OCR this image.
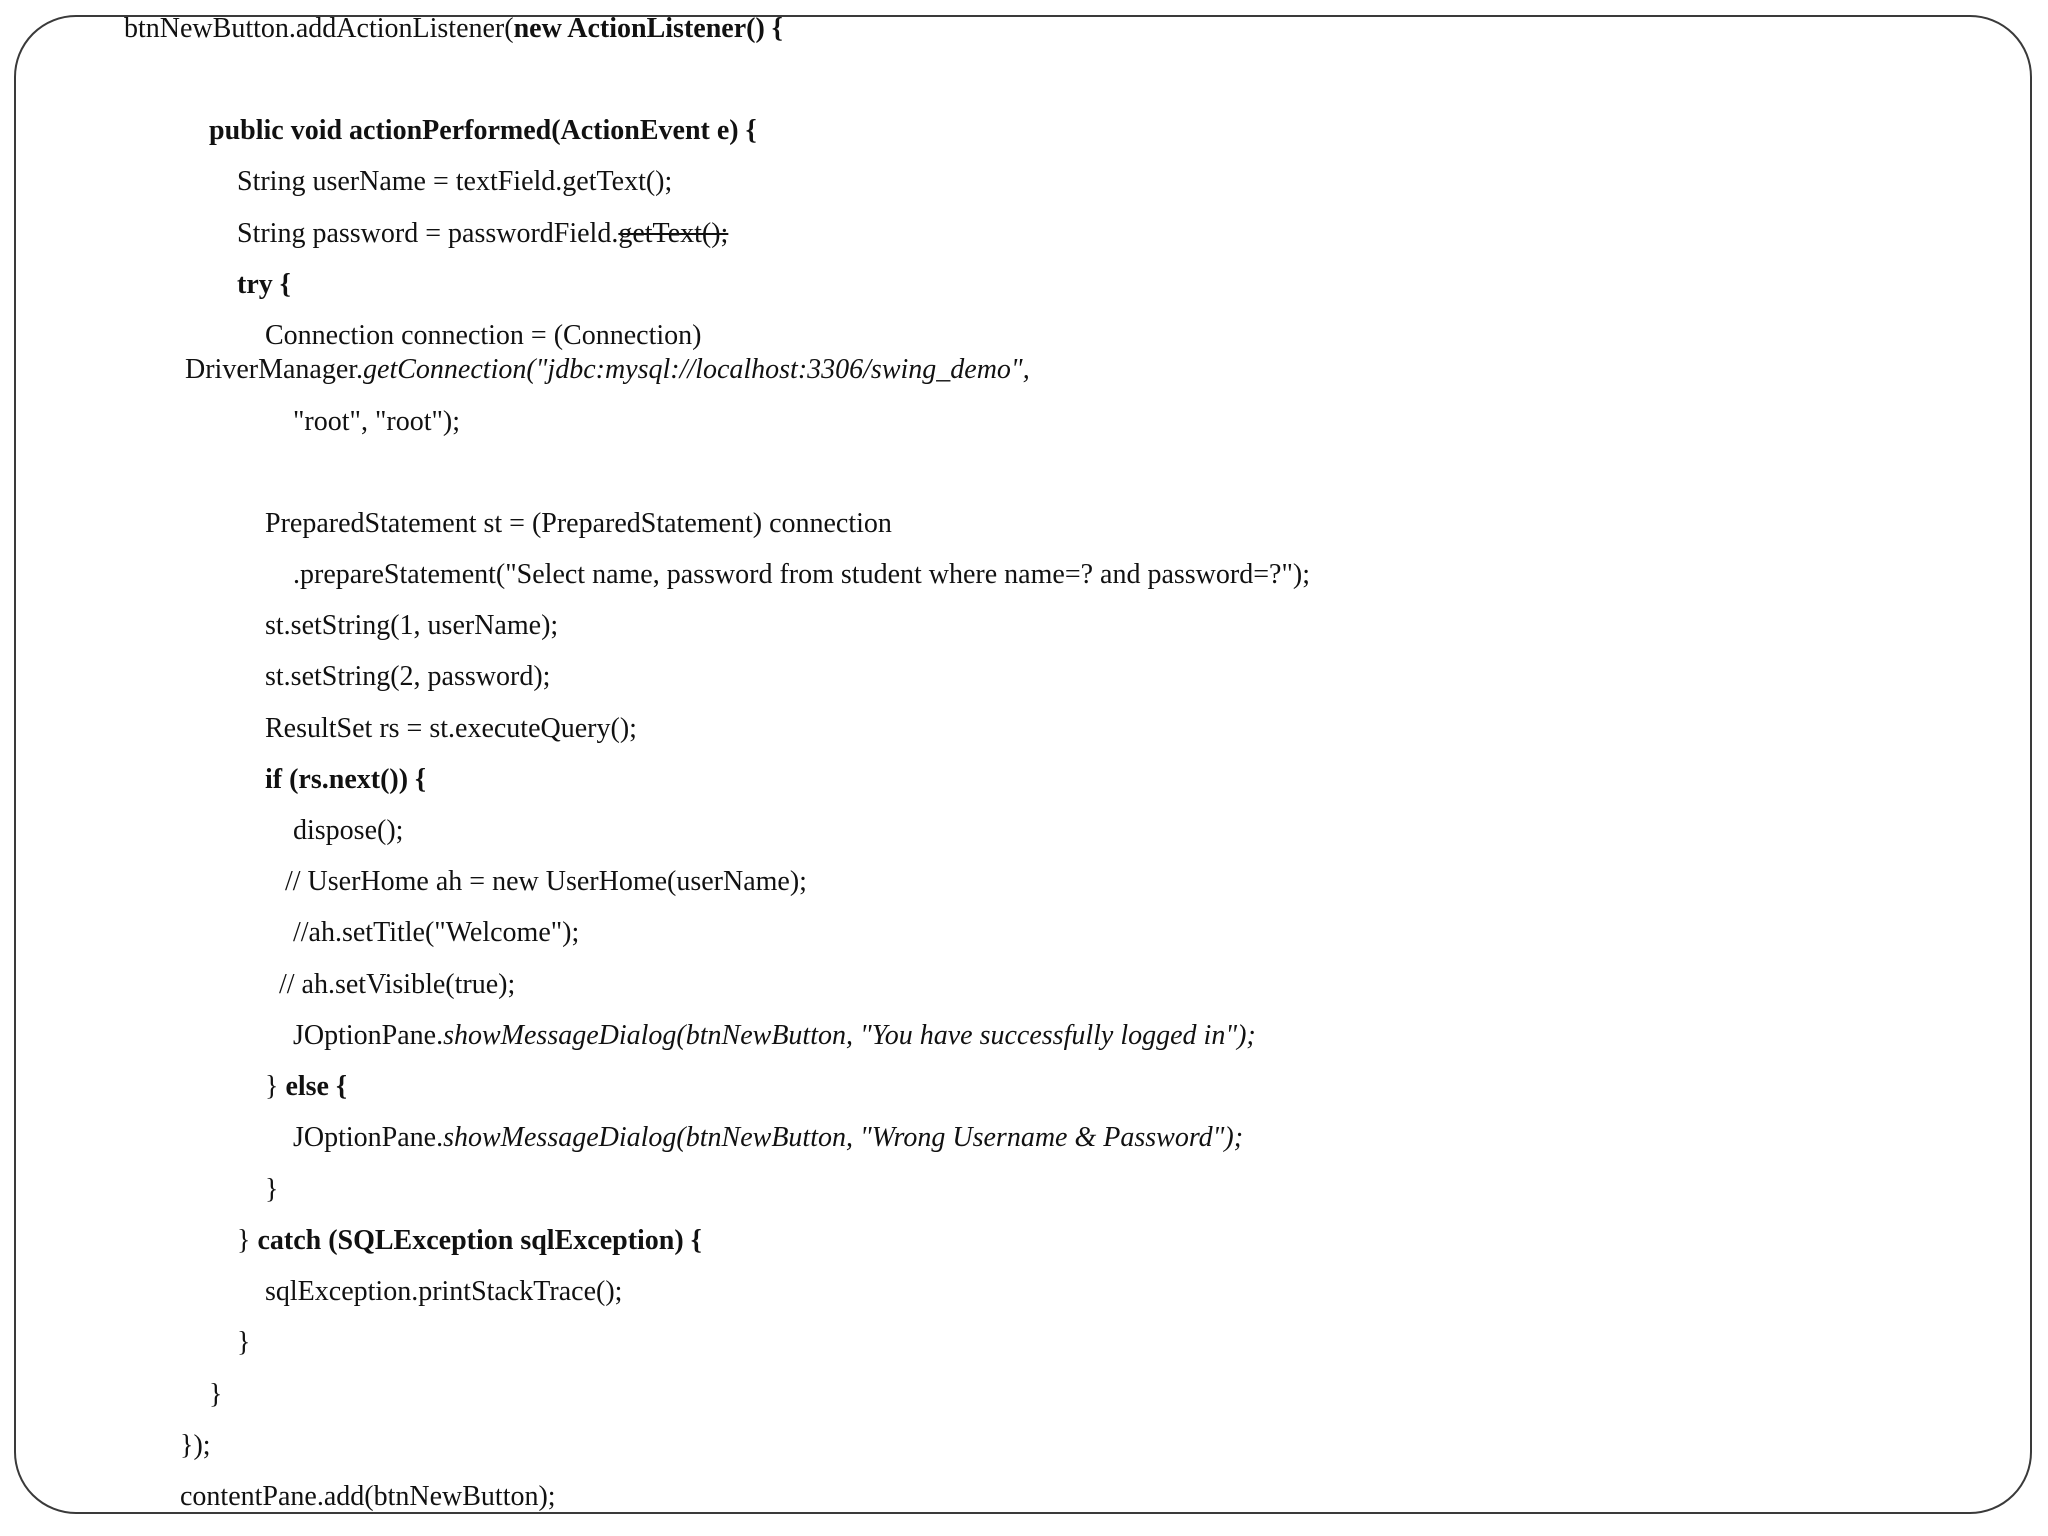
btnNewButton.addActionListener(new ActionListener() {
public void actionPerformed(ActionEvent e) {
String userName = textField.getText();
String password = passwordField.getText();
try {
Connection connection = (Connection)
DriverManager.getConnection("jdbc:mysql://localhost:3306/swing_demo",
"root", "root");
PreparedStatement st = (PreparedStatement) connection
.prepareStatement("Select name, password from student where name=? and password=?");
st.setString(1, userName);
st.setString(2, password);
ResultSet rs = st.executeQuery();
if (rs.next()) {
dispose();
// UserHome ah = new UserHome(userName);
//ah.setTitle("Welcome");
// ah.setVisible(true);
JOptionPane.showMessageDialog(btnNewButton, "You have successfully logged in");
} else {
JOptionPane.showMessageDialog(btnNewButton, "Wrong Username & Password");
}
} catch (SQLException sqlException) {
sqlException.printStackTrace();
}
}
});
contentPane.add(btnNewButton);
